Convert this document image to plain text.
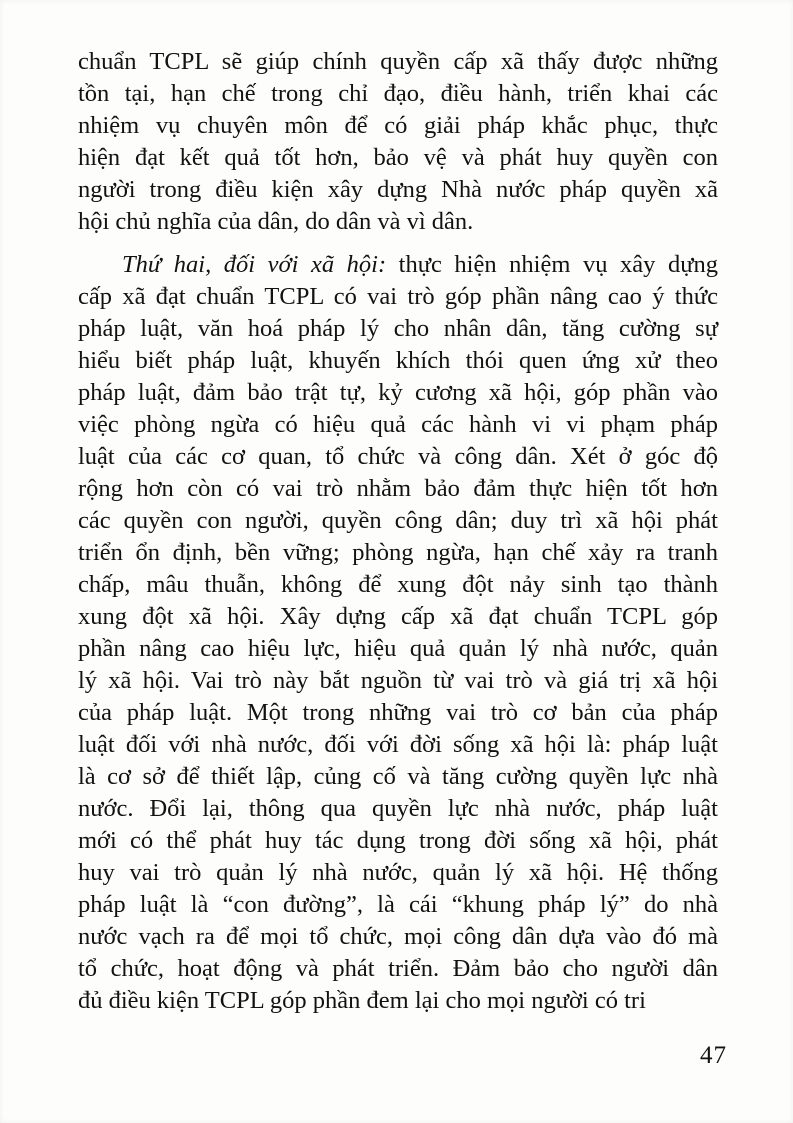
chuẩn TCPL sẽ giúp chính quyền cấp xã thấy được những
tồn tại, hạn chế trong chỉ đạo, điều hành, triển khai các
nhiệm vụ chuyên môn để có giải pháp khắc phục, thực
hiện đạt kết quả tốt hơn, bảo vệ và phát huy quyền con
người trong điều kiện xây dựng Nhà nước pháp quyền xã
hội chủ nghĩa của dân, do dân và vì dân.
Thứ hai, đối với xã hội: thực hiện nhiệm vụ xây dựng
cấp xã đạt chuẩn TCPL có vai trò góp phần nâng cao ý thức
pháp luật, văn hoá pháp lý cho nhân dân, tăng cường sự
hiểu biết pháp luật, khuyến khích thói quen ứng xử theo
pháp luật, đảm bảo trật tự, kỷ cương xã hội, góp phần vào
việc phòng ngừa có hiệu quả các hành vi vi phạm pháp
luật của các cơ quan, tổ chức và công dân. Xét ở góc độ
rộng hơn còn có vai trò nhằm bảo đảm thực hiện tốt hơn
các quyền con người, quyền công dân; duy trì xã hội phát
triển ổn định, bền vững; phòng ngừa, hạn chế xảy ra tranh
chấp, mâu thuẫn, không để xung đột nảy sinh tạo thành
xung đột xã hội. Xây dựng cấp xã đạt chuẩn TCPL góp
phần nâng cao hiệu lực, hiệu quả quản lý nhà nước, quản
lý xã hội. Vai trò này bắt nguồn từ vai trò và giá trị xã hội
của pháp luật. Một trong những vai trò cơ bản của pháp
luật đối với nhà nước, đối với đời sống xã hội là: pháp luật
là cơ sở để thiết lập, củng cố và tăng cường quyền lực nhà
nước. Đổi lại, thông qua quyền lực nhà nước, pháp luật
mới có thể phát huy tác dụng trong đời sống xã hội, phát
huy vai trò quản lý nhà nước, quản lý xã hội. Hệ thống
pháp luật là “con đường”, là cái “khung pháp lý” do nhà
nước vạch ra để mọi tổ chức, mọi công dân dựa vào đó mà
tổ chức, hoạt động và phát triển. Đảm bảo cho người dân
đủ điều kiện TCPL góp phần đem lại cho mọi người có tri
47
